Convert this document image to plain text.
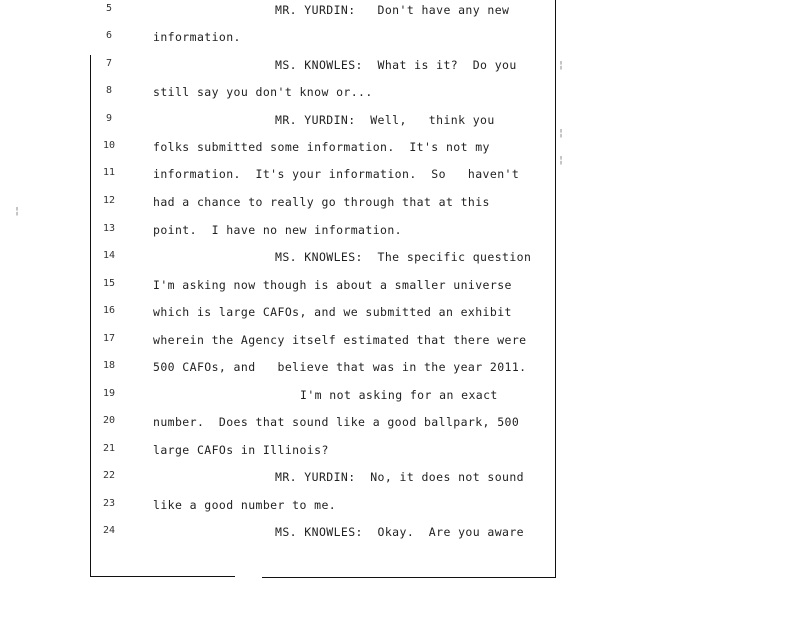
¦
¦
¦
¦
5	MR. YURDIN:   Don't have any new
6	information.
7	MS. KNOWLES:  What is it?  Do you
8	still say you don't know or...
9	MR. YURDIN:  Well,   think you
10	folks submitted some information.  It's not my
11	information.  It's your information.  So   haven't
12	had a chance to really go through that at this
13	point.  I have no new information.
14	MS. KNOWLES:  The specific question
15	I'm asking now though is about a smaller universe
16	which is large CAFOs, and we submitted an exhibit
17	wherein the Agency itself estimated that there were
18	500 CAFOs, and   believe that was in the year 2011.
19	I'm not asking for an exact
20	number.  Does that sound like a good ballpark, 500
21	large CAFOs in Illinois?
22	MR. YURDIN:  No, it does not sound
23	like a good number to me.
24	MS. KNOWLES:  Okay.  Are you aware
